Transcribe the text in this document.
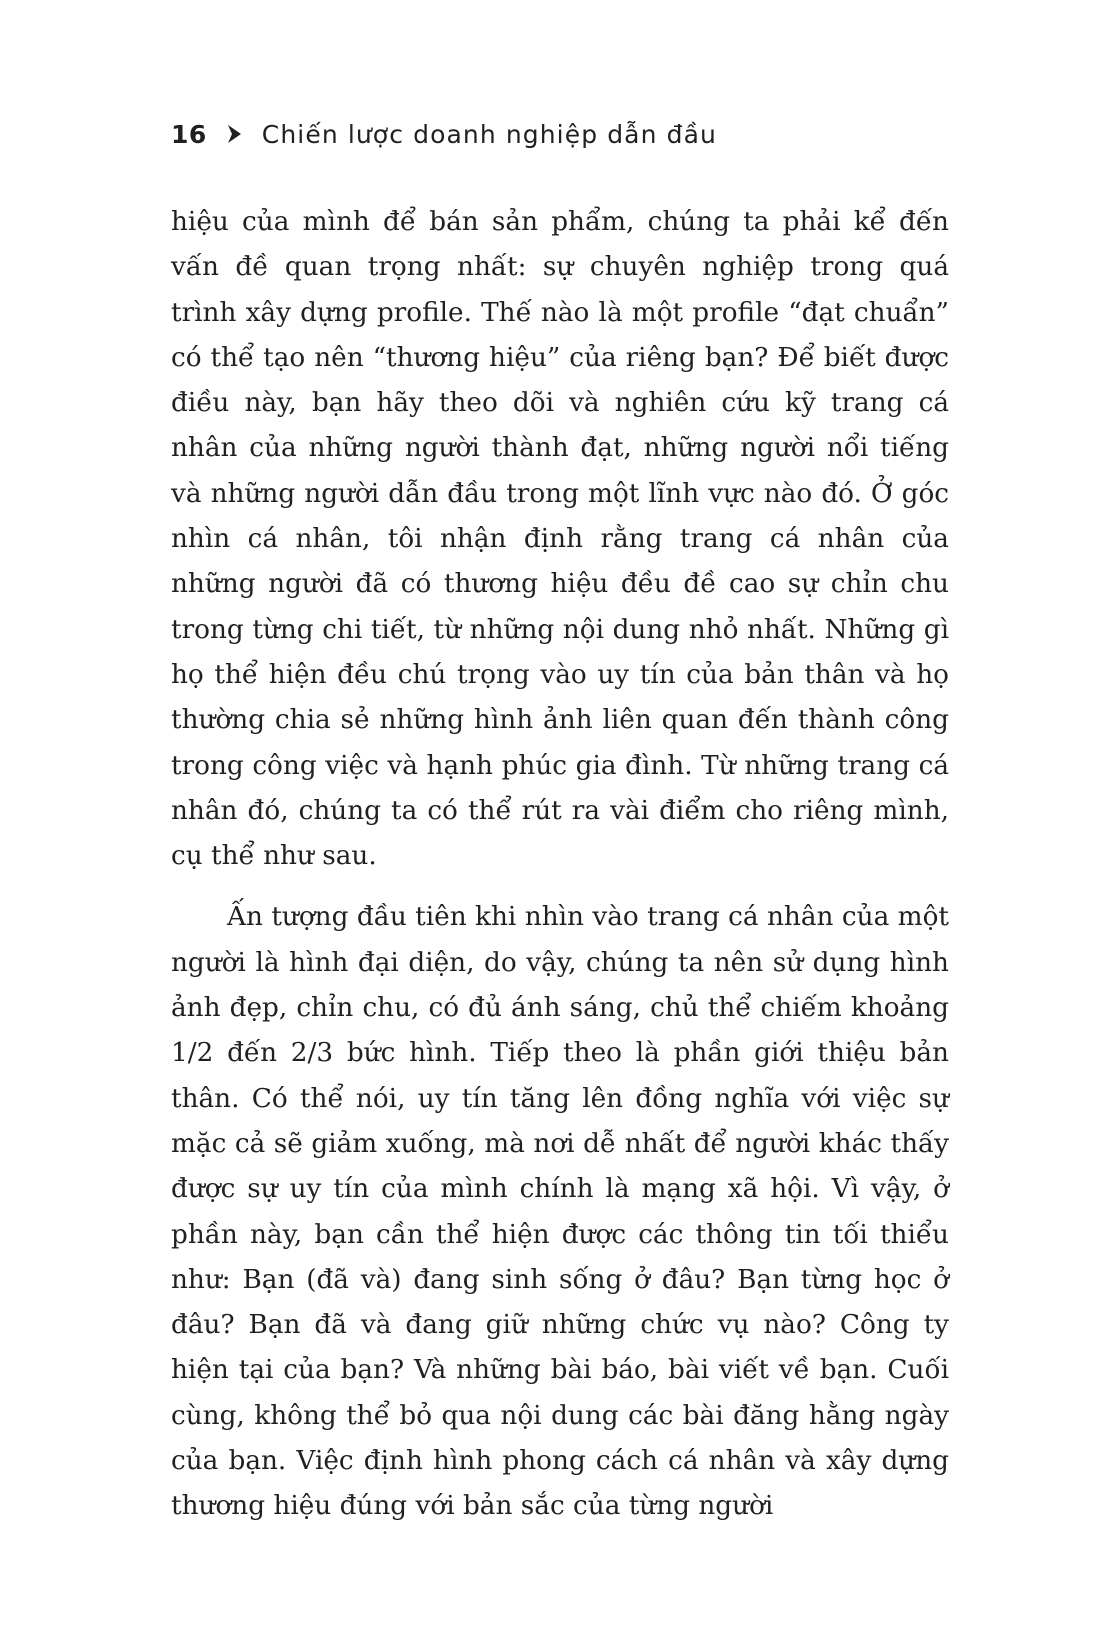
16 Chiến lược doanh nghiệp dẫn đầu

hiệu của mình để bán sản phẩm, chúng ta phải kể đến vấn đề quan trọng nhất: sự chuyên nghiệp trong quá trình xây dựng profile. Thế nào là một profile “đạt chuẩn” có thể tạo nên “thương hiệu” của riêng bạn? Để biết được điều này, bạn hãy theo dõi và nghiên cứu kỹ trang cá nhân của những người thành đạt, những người nổi tiếng và những người dẫn đầu trong một lĩnh vực nào đó. Ở góc nhìn cá nhân, tôi nhận định rằng trang cá nhân của những người đã có thương hiệu đều đề cao sự chỉn chu trong từng chi tiết, từ những nội dung nhỏ nhất. Những gì họ thể hiện đều chú trọng vào uy tín của bản thân và họ thường chia sẻ những hình ảnh liên quan đến thành công trong công việc và hạnh phúc gia đình. Từ những trang cá nhân đó, chúng ta có thể rút ra vài điểm cho riêng mình, cụ thể như sau.

Ấn tượng đầu tiên khi nhìn vào trang cá nhân của một người là hình đại diện, do vậy, chúng ta nên sử dụng hình ảnh đẹp, chỉn chu, có đủ ánh sáng, chủ thể chiếm khoảng 1/2 đến 2/3 bức hình. Tiếp theo là phần giới thiệu bản thân. Có thể nói, uy tín tăng lên đồng nghĩa với việc sự mặc cả sẽ giảm xuống, mà nơi dễ nhất để người khác thấy được sự uy tín của mình chính là mạng xã hội. Vì vậy, ở phần này, bạn cần thể hiện được các thông tin tối thiểu như: Bạn (đã và) đang sinh sống ở đâu? Bạn từng học ở đâu? Bạn đã và đang giữ những chức vụ nào? Công ty hiện tại của bạn? Và những bài báo, bài viết về bạn. Cuối cùng, không thể bỏ qua nội dung các bài đăng hằng ngày của bạn. Việc định hình phong cách cá nhân và xây dựng thương hiệu đúng với bản sắc của từng người
